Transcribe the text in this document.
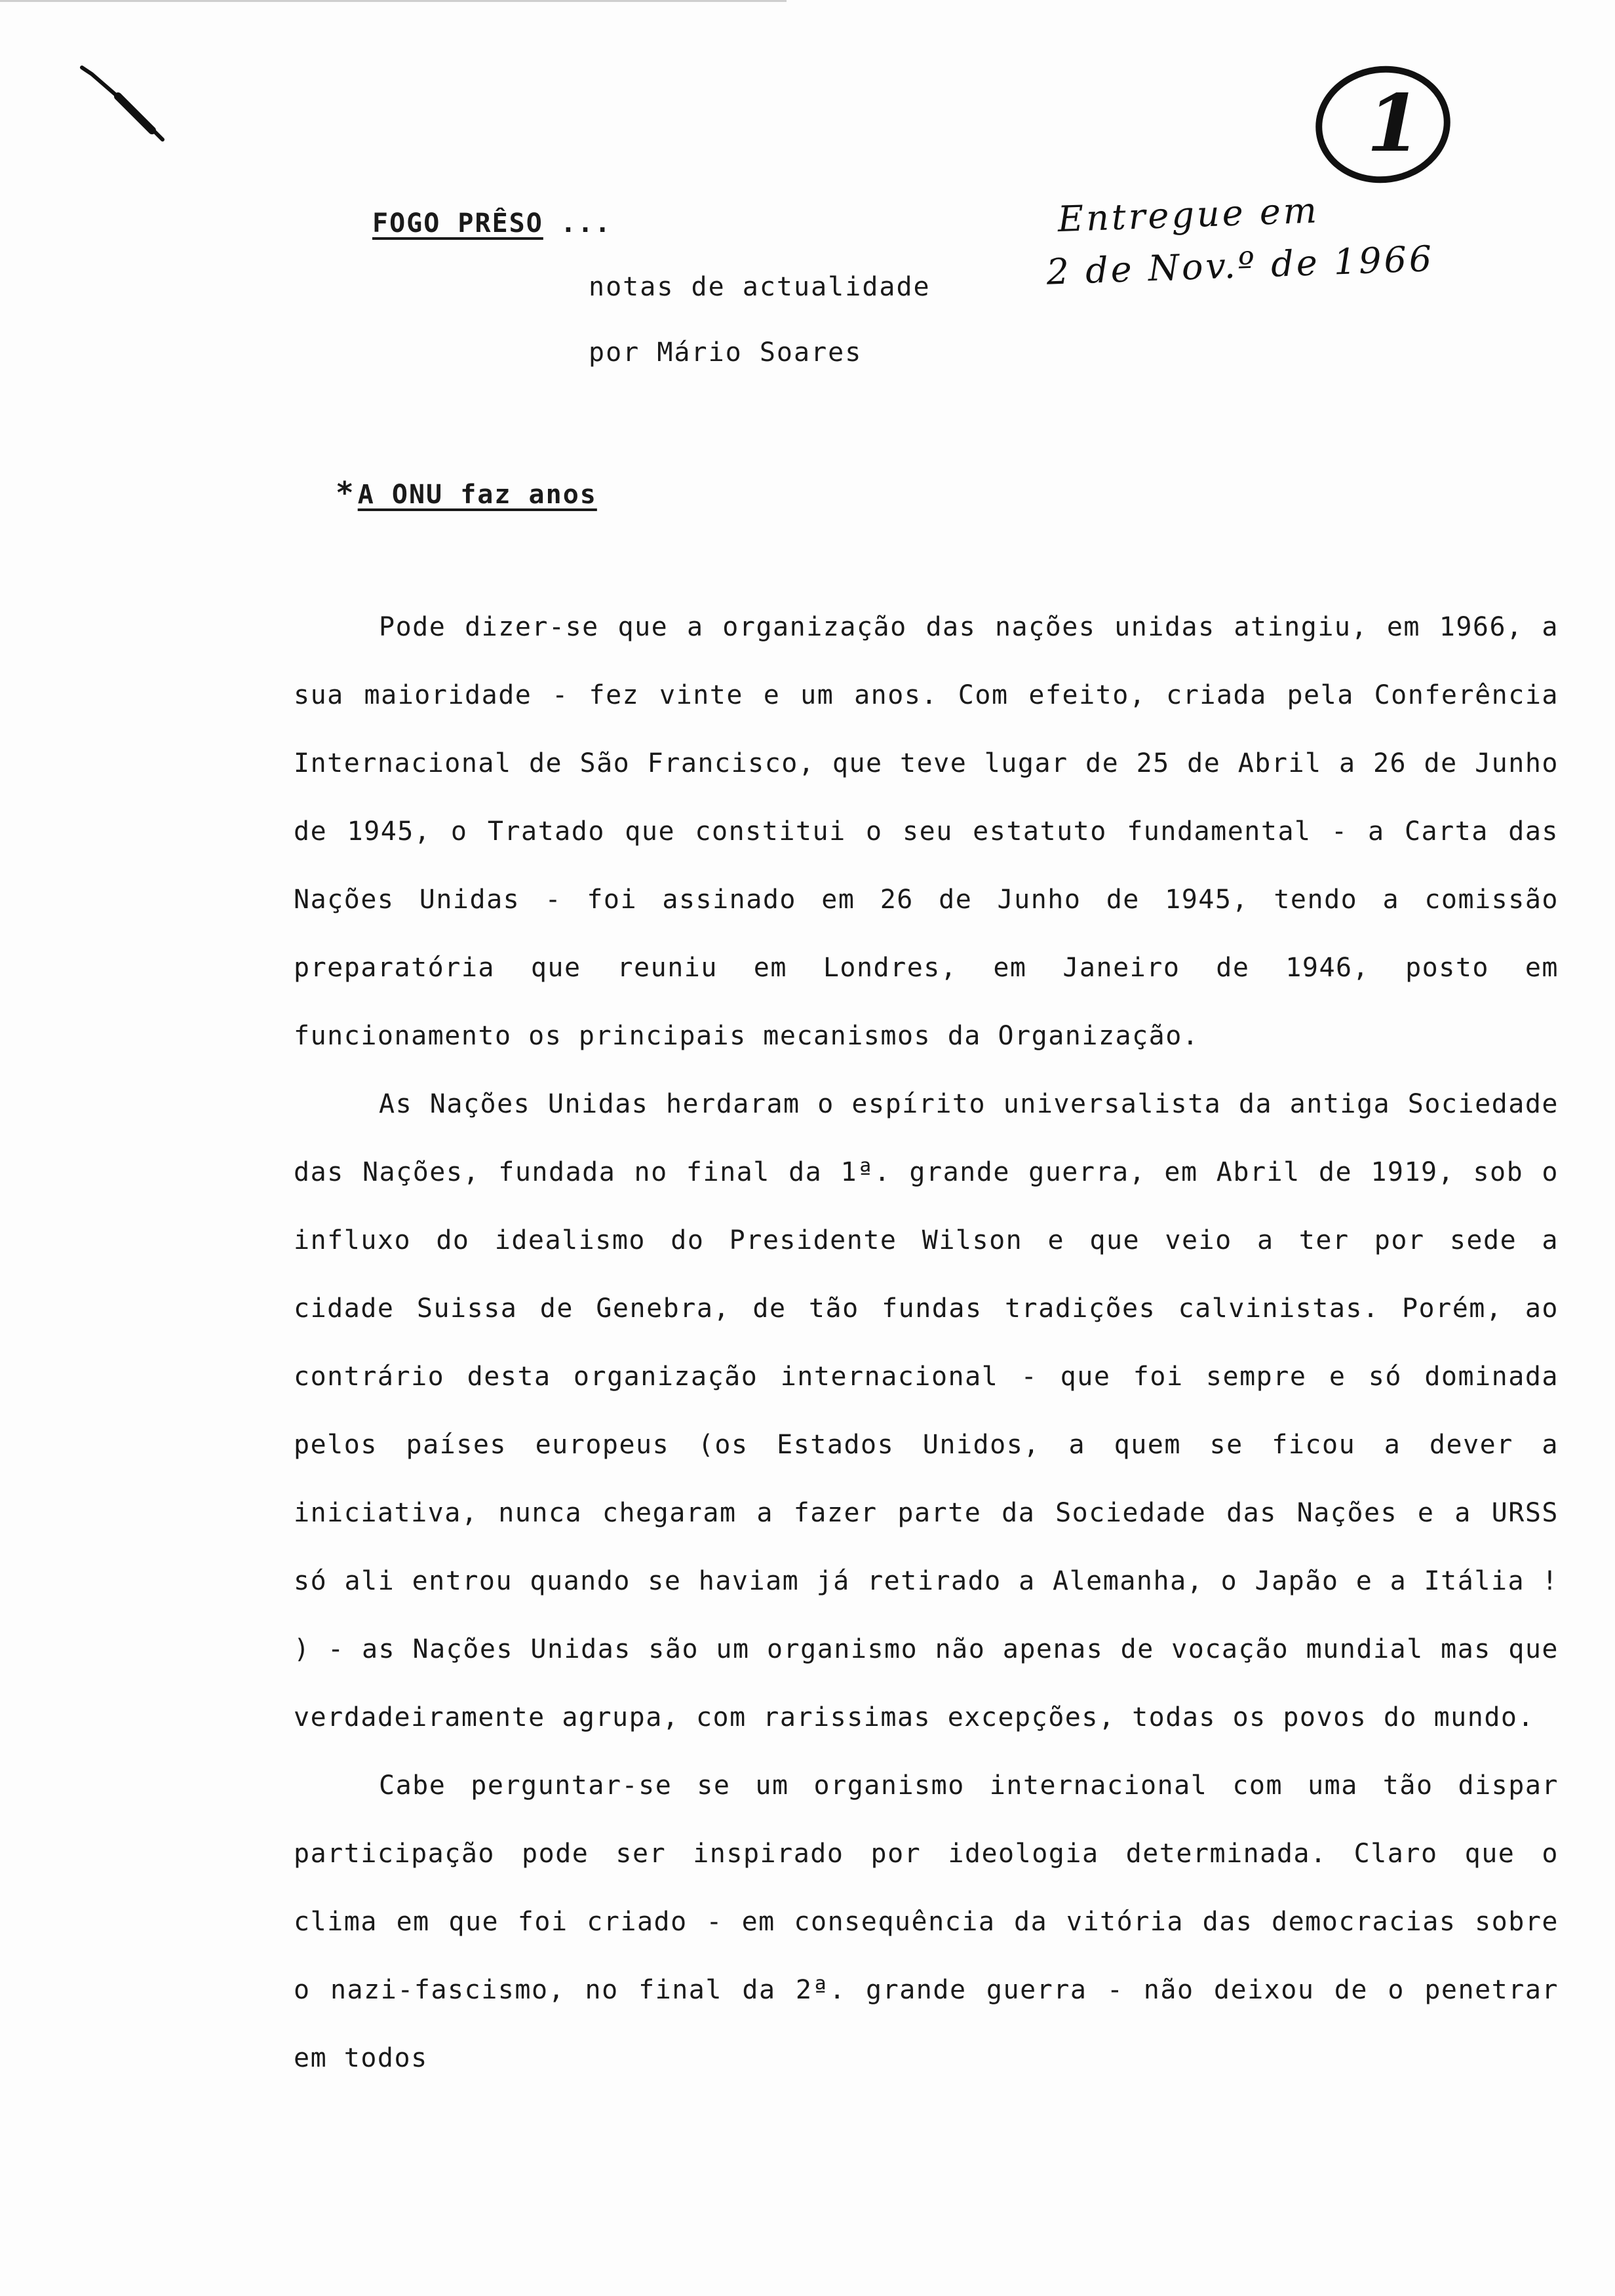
1
Entregue em
2 de Nov.º de 1966
FOGO PRÊSO ...
notas de actualidade
por Mário Soares
* A ONU faz anos

Pode dizer-se que a organização das nações unidas atingiu, em 1966, a sua maioridade - fez vinte e um anos. Com efeito, criada pela Conferência Internacional de São Francisco, que teve lugar de 25 de Abril a 26 de Junho de 1945, o Tratado que constitui o seu estatuto fundamental - a Carta das Nações Unidas - foi assinado em 26 de Junho de 1945, tendo a comissão preparatória que reuniu em Londres, em Janeiro de 1946, posto em funcionamento os principais mecanismos da Organização.

As Nações Unidas herdaram o espírito universalista da antiga Sociedade das Nações, fundada no final da 1ª. grande guerra, em Abril de 1919, sob o influxo do idealismo do Presidente Wilson e que veio a ter por sede a cidade Suissa de Genebra, de tão fundas tradições calvinistas. Porém, ao contrário desta organização internacional - que foi sempre e só dominada pelos países europeus (os Estados Unidos, a quem se ficou a dever a iniciativa, nunca chegaram a fazer parte da Sociedade das Nações e a URSS só ali entrou quando se haviam já retirado a Alemanha, o Japão e a Itália ! ) - as Nações Unidas são um organismo não apenas de vocação mundial mas que verdadeiramente agrupa, com rarissimas excepções, todas os povos do mundo.

Cabe perguntar-se se um organismo internacional com uma tão dispar participação pode ser inspirado por ideologia determinada. Claro que o clima em que foi criado - em consequência da vitória das democracias sobre o nazi-fascismo, no final da 2ª. grande guerra - não deixou de o penetrar em todos
